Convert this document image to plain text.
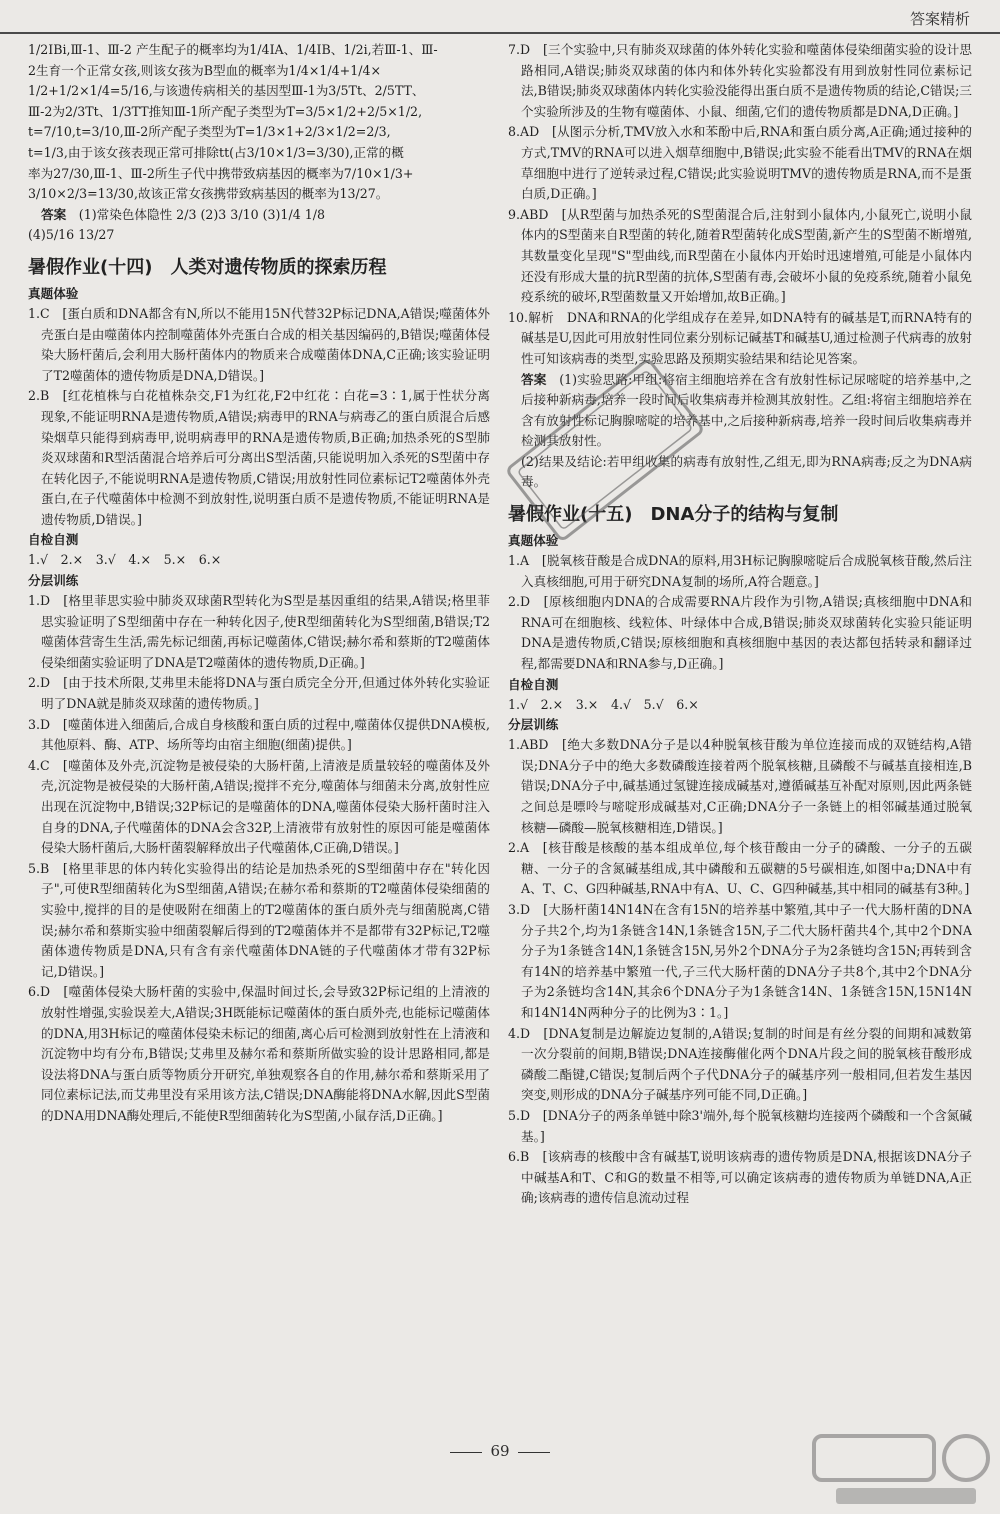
答案精析

1/2IBi,Ⅲ-1、Ⅲ-2 产生配子的概率均为1/4IA、1/4IB、1/2i,若Ⅲ-1、Ⅲ-

2生育一个正常女孩,则该女孩为B型血的概率为1/4×1/4+1/4×

1/2+1/2×1/4=5/16,与该遗传病相关的基因型Ⅲ-1为3/5Tt、2/5TT、

Ⅲ-2为2/3Tt、1/3TT推知Ⅲ-1所产配子类型为T=3/5×1/2+2/5×1/2,

t=7/10,t=3/10,Ⅲ-2所产配子类型为T=1/3×1+2/3×1/2=2/3,

t=1/3,由于该女孩表现正常可排除tt(占3/10×1/3=3/30),正常的概

率为27/30,Ⅲ-1、Ⅲ-2所生子代中携带致病基因的概率为7/10×1/3+

3/10×2/3=13/30,故该正常女孩携带致病基因的概率为13/27。

答案　 (1)常染色体隐性 2/3 (2)3 3/10 (3)1/4 1/8

(4)5/16 13/27

暑假作业(十四)　人类对遗传物质的探索历程
真题体验

1.C　[蛋白质和DNA都含有N,所以不能用15N代替32P标记DNA,A错误;噬菌体外壳蛋白是由噬菌体内控制噬菌体外壳蛋白合成的相关基因编码的,B错误;噬菌体侵染大肠杆菌后,会利用大肠杆菌体内的物质来合成噬菌体DNA,C正确;该实验证明了T2噬菌体的遗传物质是DNA,D错误。]

2.B　[红花植株与白花植株杂交,F1为红花,F2中红花∶白花=3∶1,属于性状分离现象,不能证明RNA是遗传物质,A错误;病毒甲的RNA与病毒乙的蛋白质混合后感染烟草只能得到病毒甲,说明病毒甲的RNA是遗传物质,B正确;加热杀死的S型肺炎双球菌和R型活菌混合培养后可分离出S型活菌,只能说明加入杀死的S型菌中存在转化因子,不能说明RNA是遗传物质,C错误;用放射性同位素标记T2噬菌体外壳蛋白,在子代噬菌体中检测不到放射性,说明蛋白质不是遗传物质,不能证明RNA是遗传物质,D错误。]

自检自测

1.√　2.×　3.√　4.×　5.×　6.×

分层训练

1.D　[格里菲思实验中肺炎双球菌R型转化为S型是基因重组的结果,A错误;格里菲思实验证明了S型细菌中存在一种转化因子,使R型细菌转化为S型细菌,B错误;T2噬菌体营寄生生活,需先标记细菌,再标记噬菌体,C错误;赫尔希和蔡斯的T2噬菌体侵染细菌实验证明了DNA是T2噬菌体的遗传物质,D正确。]

2.D　[由于技术所限,艾弗里未能将DNA与蛋白质完全分开,但通过体外转化实验证明了DNA就是肺炎双球菌的遗传物质。]

3.D　[噬菌体进入细菌后,合成自身核酸和蛋白质的过程中,噬菌体仅提供DNA模板,其他原料、酶、ATP、场所等均由宿主细胞(细菌)提供。]

4.C　[噬菌体及外壳,沉淀物是被侵染的大肠杆菌,上清液是质量较轻的噬菌体及外壳,沉淀物是被侵染的大肠杆菌,A错误;搅拌不充分,噬菌体与细菌未分离,放射性应出现在沉淀物中,B错误;32P标记的是噬菌体的DNA,噬菌体侵染大肠杆菌时注入自身的DNA,子代噬菌体的DNA会含32P,上清液带有放射性的原因可能是噬菌体侵染大肠杆菌后,大肠杆菌裂解释放出子代噬菌体,C正确,D错误。]

5.B　[格里菲思的体内转化实验得出的结论是加热杀死的S型细菌中存在"转化因子",可使R型细菌转化为S型细菌,A错误;在赫尔希和蔡斯的T2噬菌体侵染细菌的实验中,搅拌的目的是使吸附在细菌上的T2噬菌体的蛋白质外壳与细菌脱离,C错误;赫尔希和蔡斯实验中细菌裂解后得到的T2噬菌体并不是都带有32P标记,T2噬菌体遗传物质是DNA,只有含有亲代噬菌体DNA链的子代噬菌体才带有32P标记,D错误。]

6.D　[噬菌体侵染大肠杆菌的实验中,保温时间过长,会导致32P标记组的上清液的放射性增强,实验误差大,A错误;3H既能标记噬菌体的蛋白质外壳,也能标记噬菌体的DNA,用3H标记的噬菌体侵染未标记的细菌,离心后可检测到放射性在上清液和沉淀物中均有分布,B错误;艾弗里及赫尔希和蔡斯所做实验的设计思路相同,都是设法将DNA与蛋白质等物质分开研究,单独观察各自的作用,赫尔希和蔡斯采用了同位素标记法,而艾弗里没有采用该方法,C错误;DNA酶能将DNA水解,因此S型菌的DNA用DNA酶处理后,不能使R型细菌转化为S型菌,小鼠存活,D正确。]

7.D　[三个实验中,只有肺炎双球菌的体外转化实验和噬菌体侵染细菌实验的设计思路相同,A错误;肺炎双球菌的体内和体外转化实验都没有用到放射性同位素标记法,B错误;肺炎双球菌体内转化实验没能得出蛋白质不是遗传物质的结论,C错误;三个实验所涉及的生物有噬菌体、小鼠、细菌,它们的遗传物质都是DNA,D正确。]

8.AD　[从图示分析,TMV放入水和苯酚中后,RNA和蛋白质分离,A正确;通过接种的方式,TMV的RNA可以进入烟草细胞中,B错误;此实验不能看出TMV的RNA在烟草细胞中进行了逆转录过程,C错误;此实验说明TMV的遗传物质是RNA,而不是蛋白质,D正确。]

9.ABD　[从R型菌与加热杀死的S型菌混合后,注射到小鼠体内,小鼠死亡,说明小鼠体内的S型菌来自R型菌的转化,随着R型菌转化成S型菌,新产生的S型菌不断增殖,其数量变化呈现"S"型曲线,而R型菌在小鼠体内开始时迅速增殖,可能是小鼠体内还没有形成大量的抗R型菌的抗体,S型菌有毒,会破坏小鼠的免疫系统,随着小鼠免疫系统的破坏,R型菌数量又开始增加,故B正确。]

10.解析　DNA和RNA的化学组成存在差异,如DNA特有的碱基是T,而RNA特有的碱基是U,因此可用放射性同位素分别标记碱基T和碱基U,通过检测子代病毒的放射性可知该病毒的类型,实验思路及预期实验结果和结论见答案。

答案　 (1)实验思路:甲组:将宿主细胞培养在含有放射性标记尿嘧啶的培养基中,之后接种新病毒,培养一段时间后收集病毒并检测其放射性。乙组:将宿主细胞培养在含有放射性标记胸腺嘧啶的培养基中,之后接种新病毒,培养一段时间后收集病毒并检测其放射性。

(2)结果及结论:若甲组收集的病毒有放射性,乙组无,即为RNA病毒;反之为DNA病毒。

暑假作业(十五)　DNA分子的结构与复制
真题体验

1.A　[脱氧核苷酸是合成DNA的原料,用3H标记胸腺嘧啶后合成脱氧核苷酸,然后注入真核细胞,可用于研究DNA复制的场所,A符合题意。]

2.D　[原核细胞内DNA的合成需要RNA片段作为引物,A错误;真核细胞中DNA和RNA可在细胞核、线粒体、叶绿体中合成,B错误;肺炎双球菌转化实验只能证明DNA是遗传物质,C错误;原核细胞和真核细胞中基因的表达都包括转录和翻译过程,都需要DNA和RNA参与,D正确。]

自检自测

1.√　2.×　3.×　4.√　5.√　6.×

分层训练

1.ABD　[绝大多数DNA分子是以4种脱氧核苷酸为单位连接而成的双链结构,A错误;DNA分子中的绝大多数磷酸连接着两个脱氧核糖,且磷酸不与碱基直接相连,B错误;DNA分子中,碱基通过氢键连接成碱基对,遵循碱基互补配对原则,因此两条链之间总是嘌呤与嘧啶形成碱基对,C正确;DNA分子一条链上的相邻碱基通过脱氧核糖—磷酸—脱氧核糖相连,D错误。]

2.A　[核苷酸是核酸的基本组成单位,每个核苷酸由一分子的磷酸、一分子的五碳糖、一分子的含氮碱基组成,其中磷酸和五碳糖的5号碳相连,如图中a;DNA中有A、T、C、G四种碱基,RNA中有A、U、C、G四种碱基,其中相同的碱基有3种。]

3.D　[大肠杆菌14N14N在含有15N的培养基中繁殖,其中子一代大肠杆菌的DNA分子共2个,均为1条链含14N,1条链含15N,子二代大肠杆菌共4个,其中2个DNA分子为1条链含14N,1条链含15N,另外2个DNA分子为2条链均含15N;再转到含有14N的培养基中繁殖一代,子三代大肠杆菌的DNA分子共8个,其中2个DNA分子为2条链均含14N,其余6个DNA分子为1条链含14N、1条链含15N,15N14N和14N14N两种分子的比例为3∶1。]

4.D　[DNA复制是边解旋边复制的,A错误;复制的时间是有丝分裂的间期和减数第一次分裂前的间期,B错误;DNA连接酶催化两个DNA片段之间的脱氧核苷酸形成磷酸二酯键,C错误;复制后两个子代DNA分子的碱基序列一般相同,但若发生基因突变,则形成的DNA分子碱基序列可能不同,D正确。]

5.D　[DNA分子的两条单链中除3'端外,每个脱氧核糖均连接两个磷酸和一个含氮碱基。]

6.B　[该病毒的核酸中含有碱基T,说明该病毒的遗传物质是DNA,根据该DNA分子中碱基A和T、C和G的数量不相等,可以确定该病毒的遗传物质为单链DNA,A正确;该病毒的遗传信息流动过程

69
